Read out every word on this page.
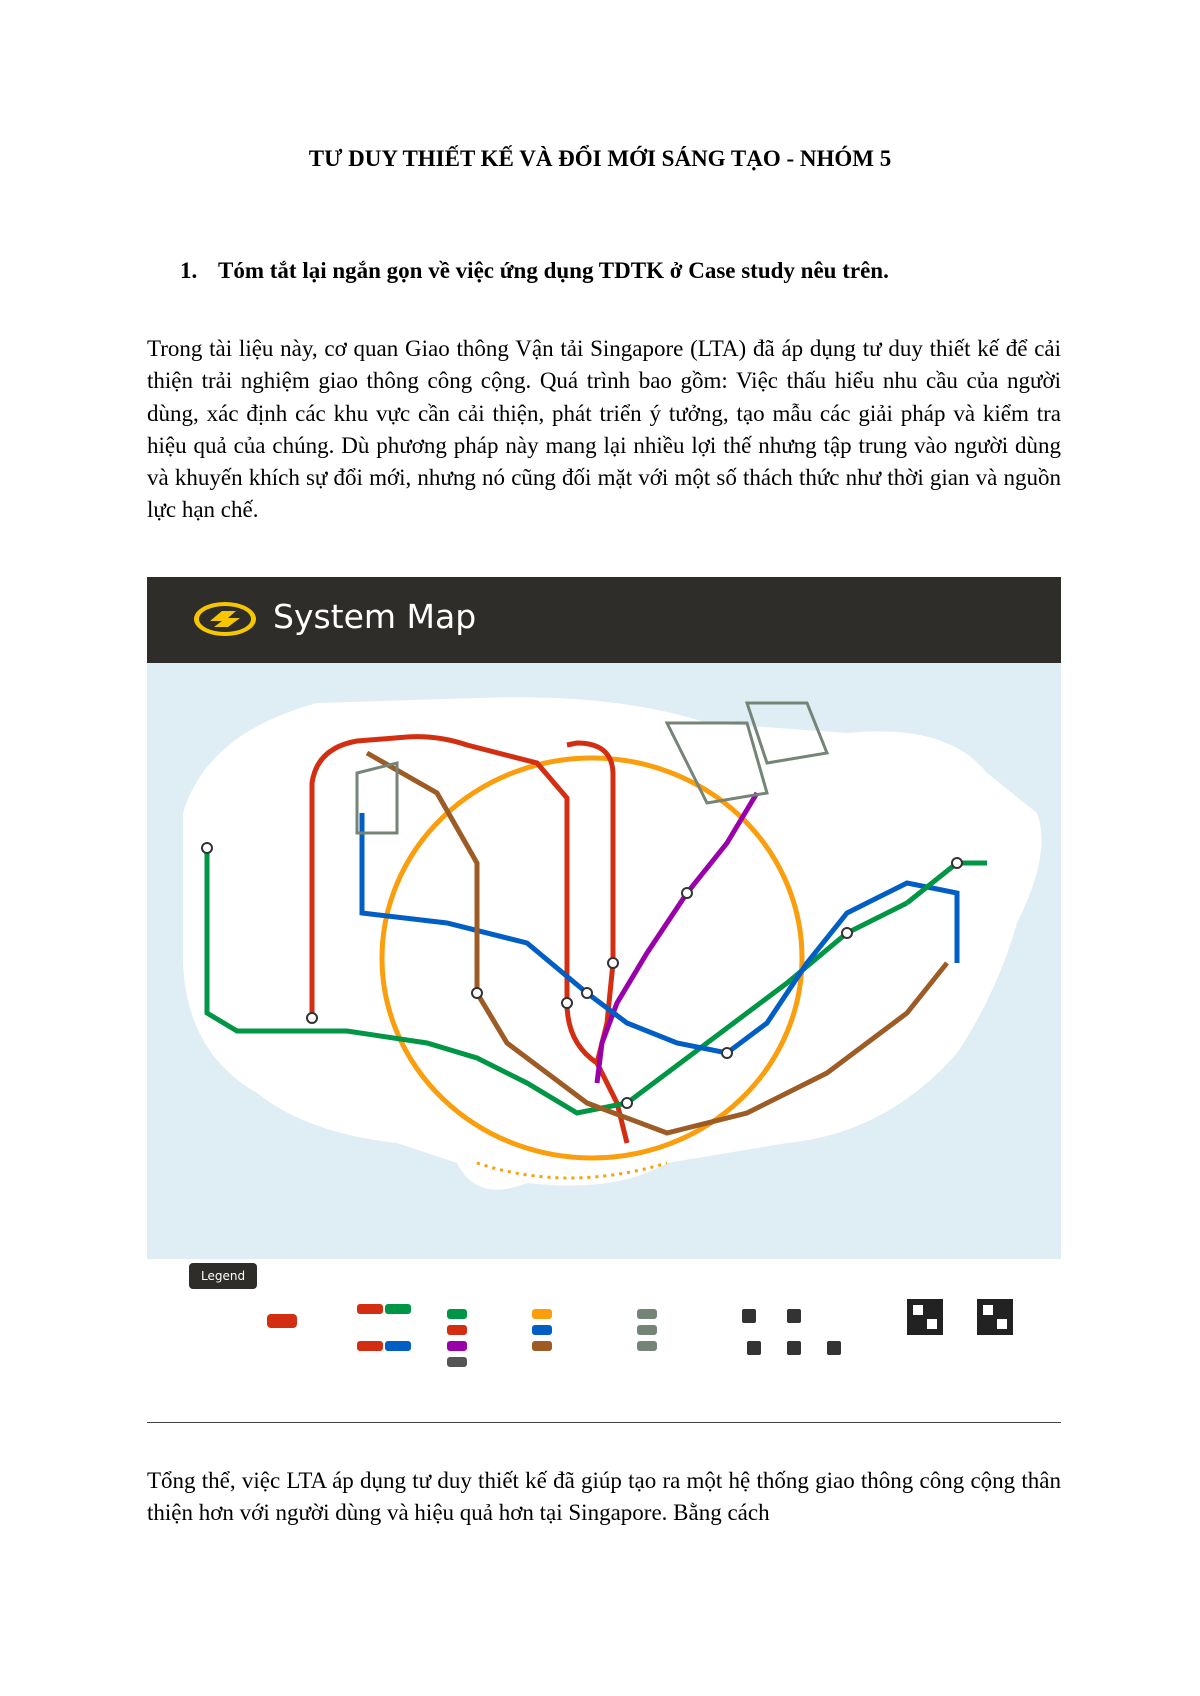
TƯ DUY THIẾT KẾ VÀ ĐỔI MỚI SÁNG TẠO - NHÓM 5
1. Tóm tắt lại ngắn gọn về việc ứng dụng TDTK ở Case study nêu trên.
Trong tài liệu này, cơ quan Giao thông Vận tải Singapore (LTA) đã áp dụng tư duy thiết kế để cải thiện trải nghiệm giao thông công cộng. Quá trình bao gồm: Việc thấu hiểu nhu cầu của người dùng, xác định các khu vực cần cải thiện, phát triển ý tưởng, tạo mẫu các giải pháp và kiểm tra hiệu quả của chúng. Dù phương pháp này mang lại nhiều lợi thế nhưng tập trung vào người dùng và khuyến khích sự đổi mới, nhưng nó cũng đối mặt với một số thách thức như thời gian và nguồn lực hạn chế.
System Map
Legend
Tổng thể, việc LTA áp dụng tư duy thiết kế đã giúp tạo ra một hệ thống giao thông công cộng thân thiện hơn với người dùng và hiệu quả hơn tại Singapore. Bằng cách
